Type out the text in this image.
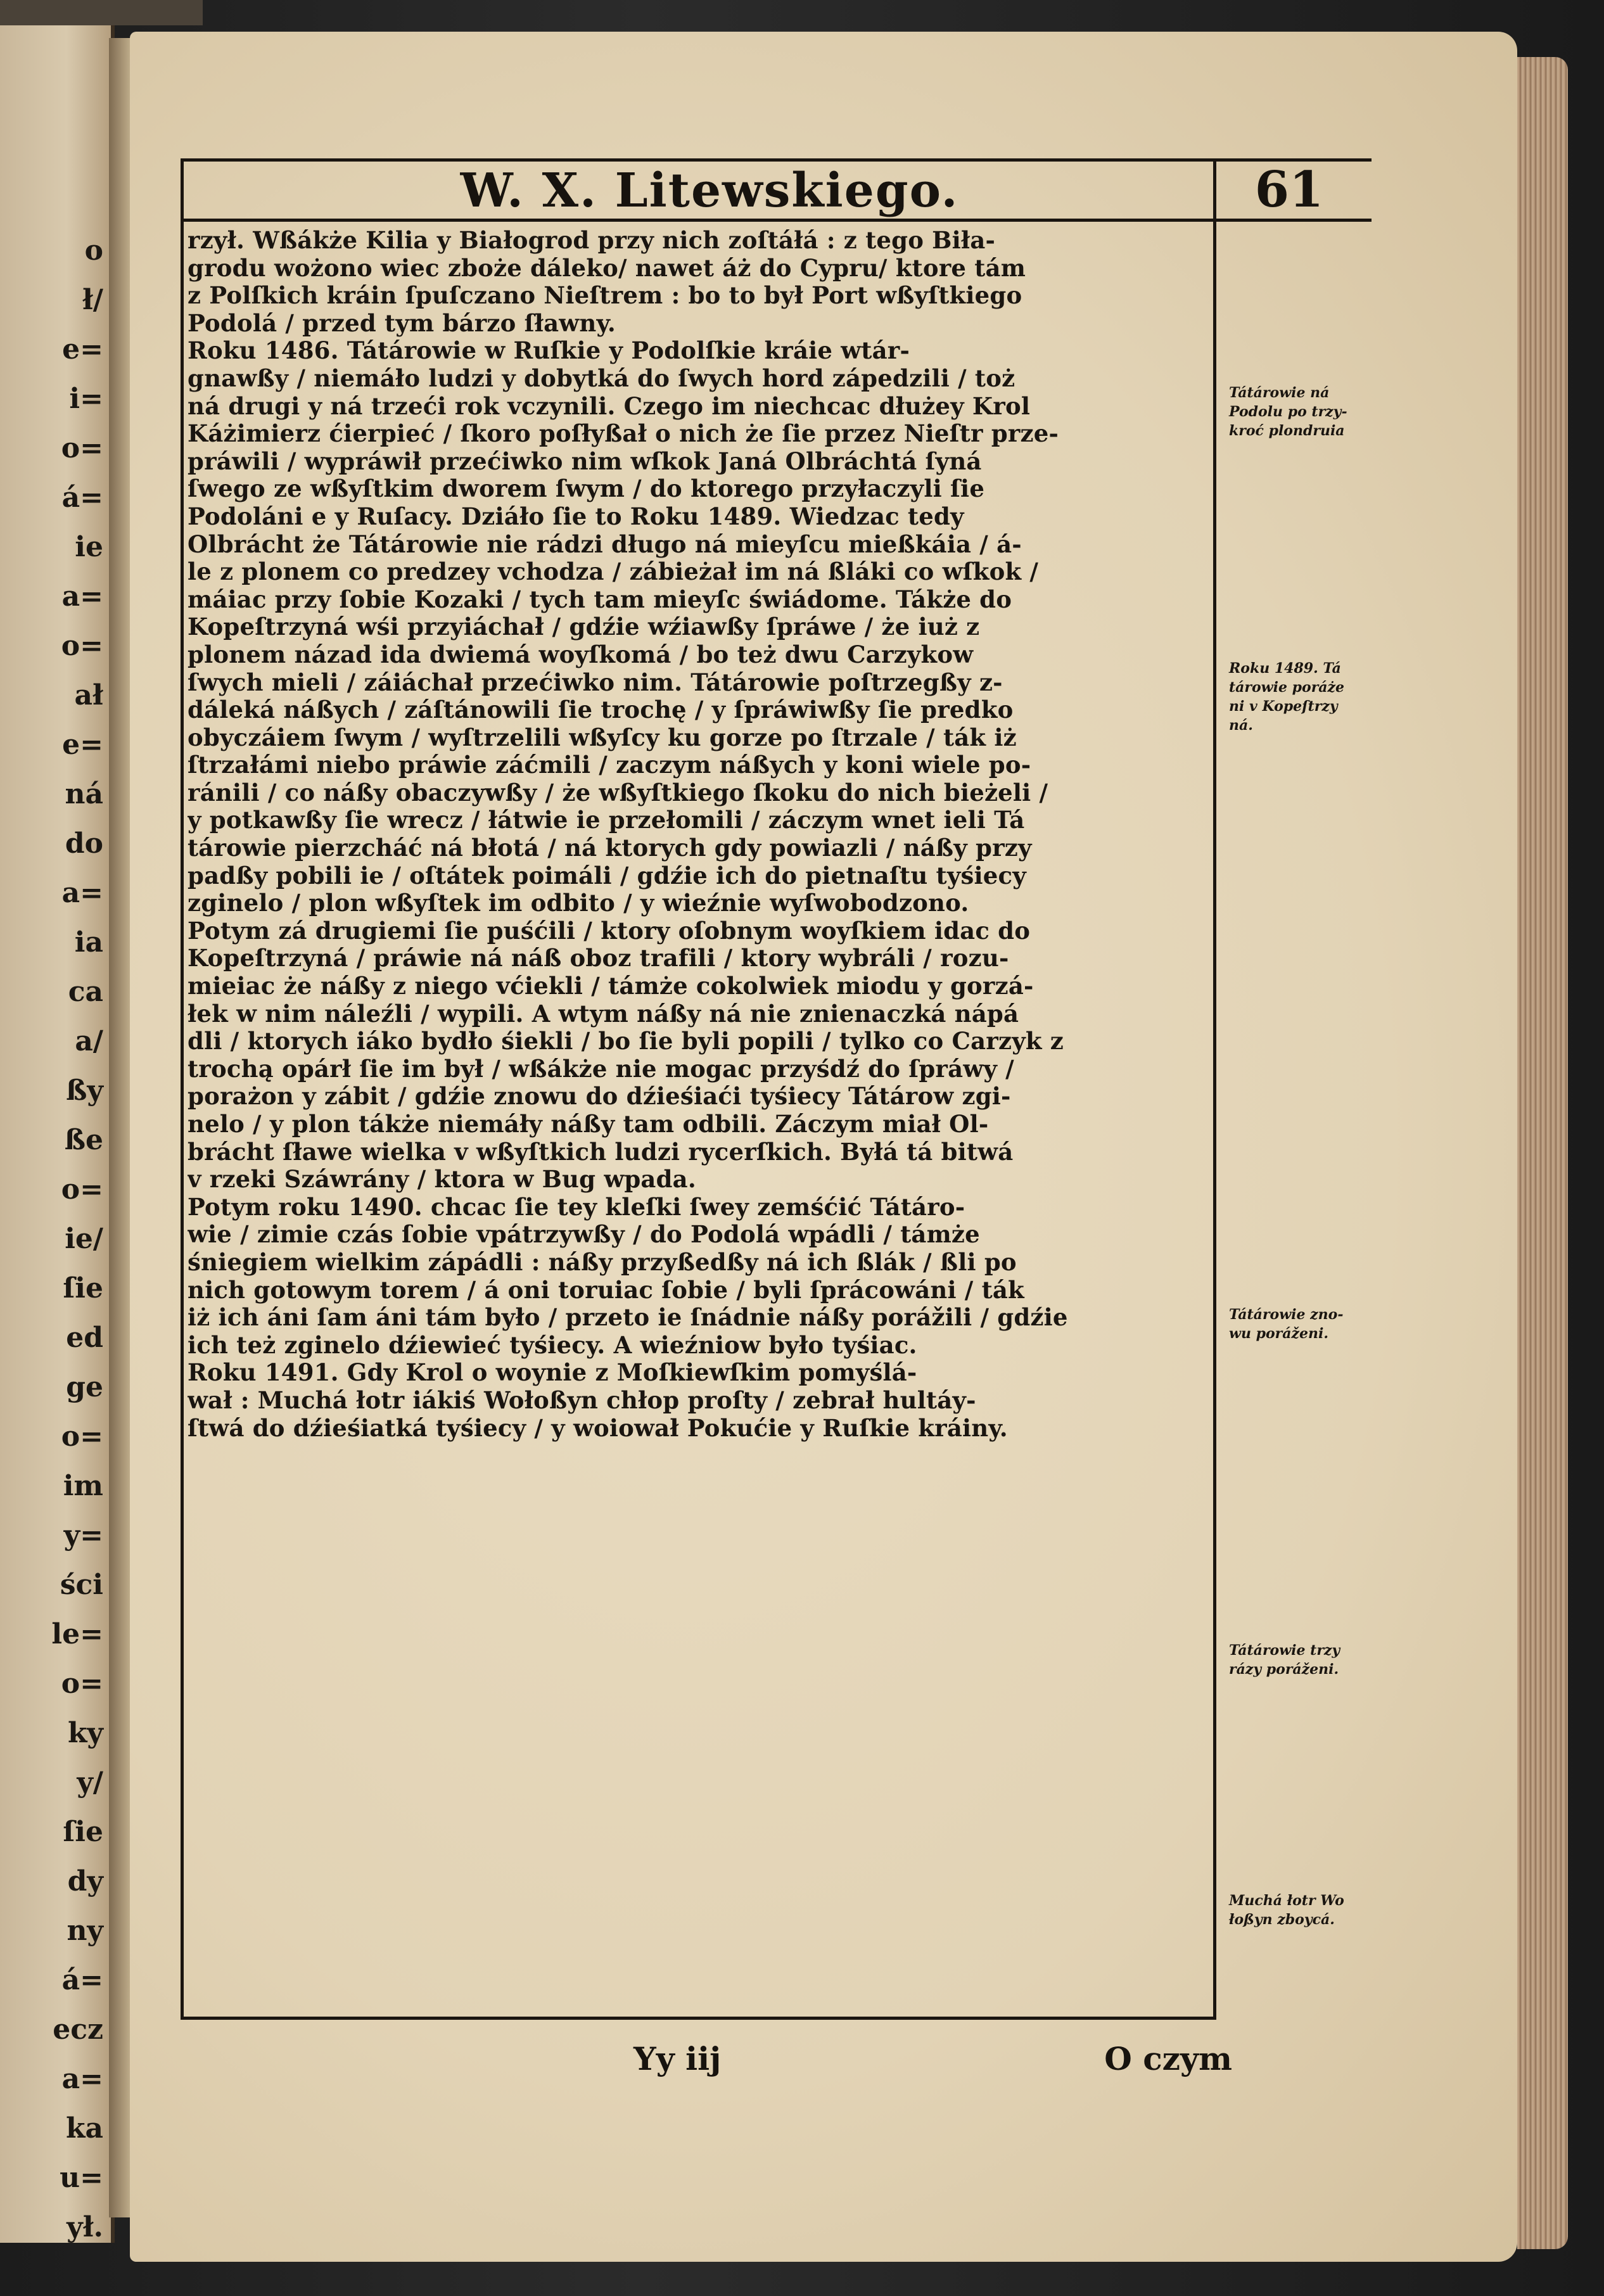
o
ł/
e=
i=
o=
á=
ie
a=
o=
ał
e=
ná
do
a=
ia
ca
a/
ßy
ße
o=
ie/
ſie
ed
ge
o=
im
y=
ści
le=
o=
ky
y/
ſie
dy
ny
á=
ecz
a=
ka
u=
ył.
W. X. Litewskiego.	61
rzył. Wßákże Kilia y Białogrod przy nich zoſtáłá : z tego Biła-
grodu wożono wiec zboże dáleko/ nawet áż do Cypru/ ktore tám
z Polſkich kráin ſpuſczano Nieſtrem : bo to był Port wßyſtkiego
Podolá / przed tym bárzo ſławny.
Roku 1486. Tátárowie w Ruſkie y Podolſkie kráie wtár-
gnawßy / niemáło ludzi y dobytká do ſwych hord zápedzili / toż
ná drugi y ná trzeći rok vczynili. Czego im niechcac dłużey Krol
Káżimierz ćierpieć / ſkoro poſłyßał o nich że ſie przez Nieſtr prze-
práwili / wypráwił przećiwko nim wſkok Janá Olbráchtá ſyná
ſwego ze wßyſtkim dworem ſwym / do ktorego przyłaczyli ſie
Podoláni e y Ruſacy. Dziáło ſie to Roku 1489. Wiedzac tedy
Olbrácht że Tátárowie nie rádzi długo ná mieyſcu mießkáia / á-
le z plonem co predzey vchodza / zábieżał im ná ßláki co wſkok /
máiac przy ſobie Kozaki / tych tam mieyſc świádome. Tákże do
Kopeſtrzyná wśi przyiáchał / gdźie wźiawßy ſpráwe / że iuż z
plonem názad ida dwiemá woyſkomá / bo też dwu Carzykow
ſwych mieli / záiáchał przećiwko nim. Tátárowie poſtrzegßy z-
dáleká náßych / záſtánowili ſie trochę / y ſpráwiwßy ſie predko
obyczáiem ſwym / wyſtrzelili wßyſcy ku gorze po ſtrzale / ták iż
ſtrzałámi niebo práwie záćmili / zaczym náßych y koni wiele po-
ránili / co náßy obaczywßy / że wßyſtkiego ſkoku do nich bieżeli /
y potkawßy ſie wrecz / łátwie ie przełomili / záczym wnet ieli Tá
tárowie pierzcháć ná błotá / ná ktorych gdy powiazli / náßy przy
padßy pobili ie / oſtátek poimáli / gdźie ich do pietnaſtu tyśiecy
zginelo / plon wßyſtek im odbito / y wieźnie wyſwobodzono.
Potym zá drugiemi ſie puśćili / ktory oſobnym woyſkiem idac do
Kopeſtrzyná / práwie ná náß oboz trafili / ktory wybráli / rozu-
mieiac że náßy z niego vćiekli / támże cokolwiek miodu y gorzá-
łek w nim náleźli / wypili. A wtym náßy ná nie znienaczká nápá
dli / ktorych iáko bydło śiekli / bo ſie byli popili / tylko co Carzyk z
trochą opárł ſie im był / wßákże nie mogac przyśdź do ſpráwy /
porażon y zábit / gdźie znowu do dźieśiaći tyśiecy Tátárow zgi-
nelo / y plon tákże niemáły náßy tam odbili. Záczym miał Ol-
brácht ſławe wielka v wßyſtkich ludzi rycerſkich. Byłá tá bitwá
v rzeki Száwrány / ktora w Bug wpada.
Potym roku 1490. chcac ſie tey kleſki ſwey zemśćić Tátáro-
wie / zimie czás ſobie vpátrzywßy / do Podolá wpádli / támże
śniegiem wielkim zápádli : náßy przyßedßy ná ich ßlák / ßli po
nich gotowym torem / á oni toruiac ſobie / byli ſprácowáni / ták
iż ich áni ſam áni tám było / przeto ie ſnádnie náßy porážili / gdźie
ich też zginelo dźiewieć tyśiecy. A wieźniow było tyśiac.
Roku 1491. Gdy Krol o woynie z Moſkiewſkim pomyślá-
wał : Muchá łotr iákiś Wołoßyn chłop proſty / zebrał hultáy-
ſtwá do dźieśiatká tyśiecy / y woiował Pokućie y Ruſkie kráiny.
Tátárowie ná
Podolu po trzy-
kroć plondruia
Roku 1489. Tá
tárowie poráże
ni v Kopeſtrzy
ná.
Tátárowie zno-
wu poráženi.
Tátárowie trzy
rázy poráženi.
Muchá łotr Wo
łoßyn zboycá.
Yy iij	O czym
